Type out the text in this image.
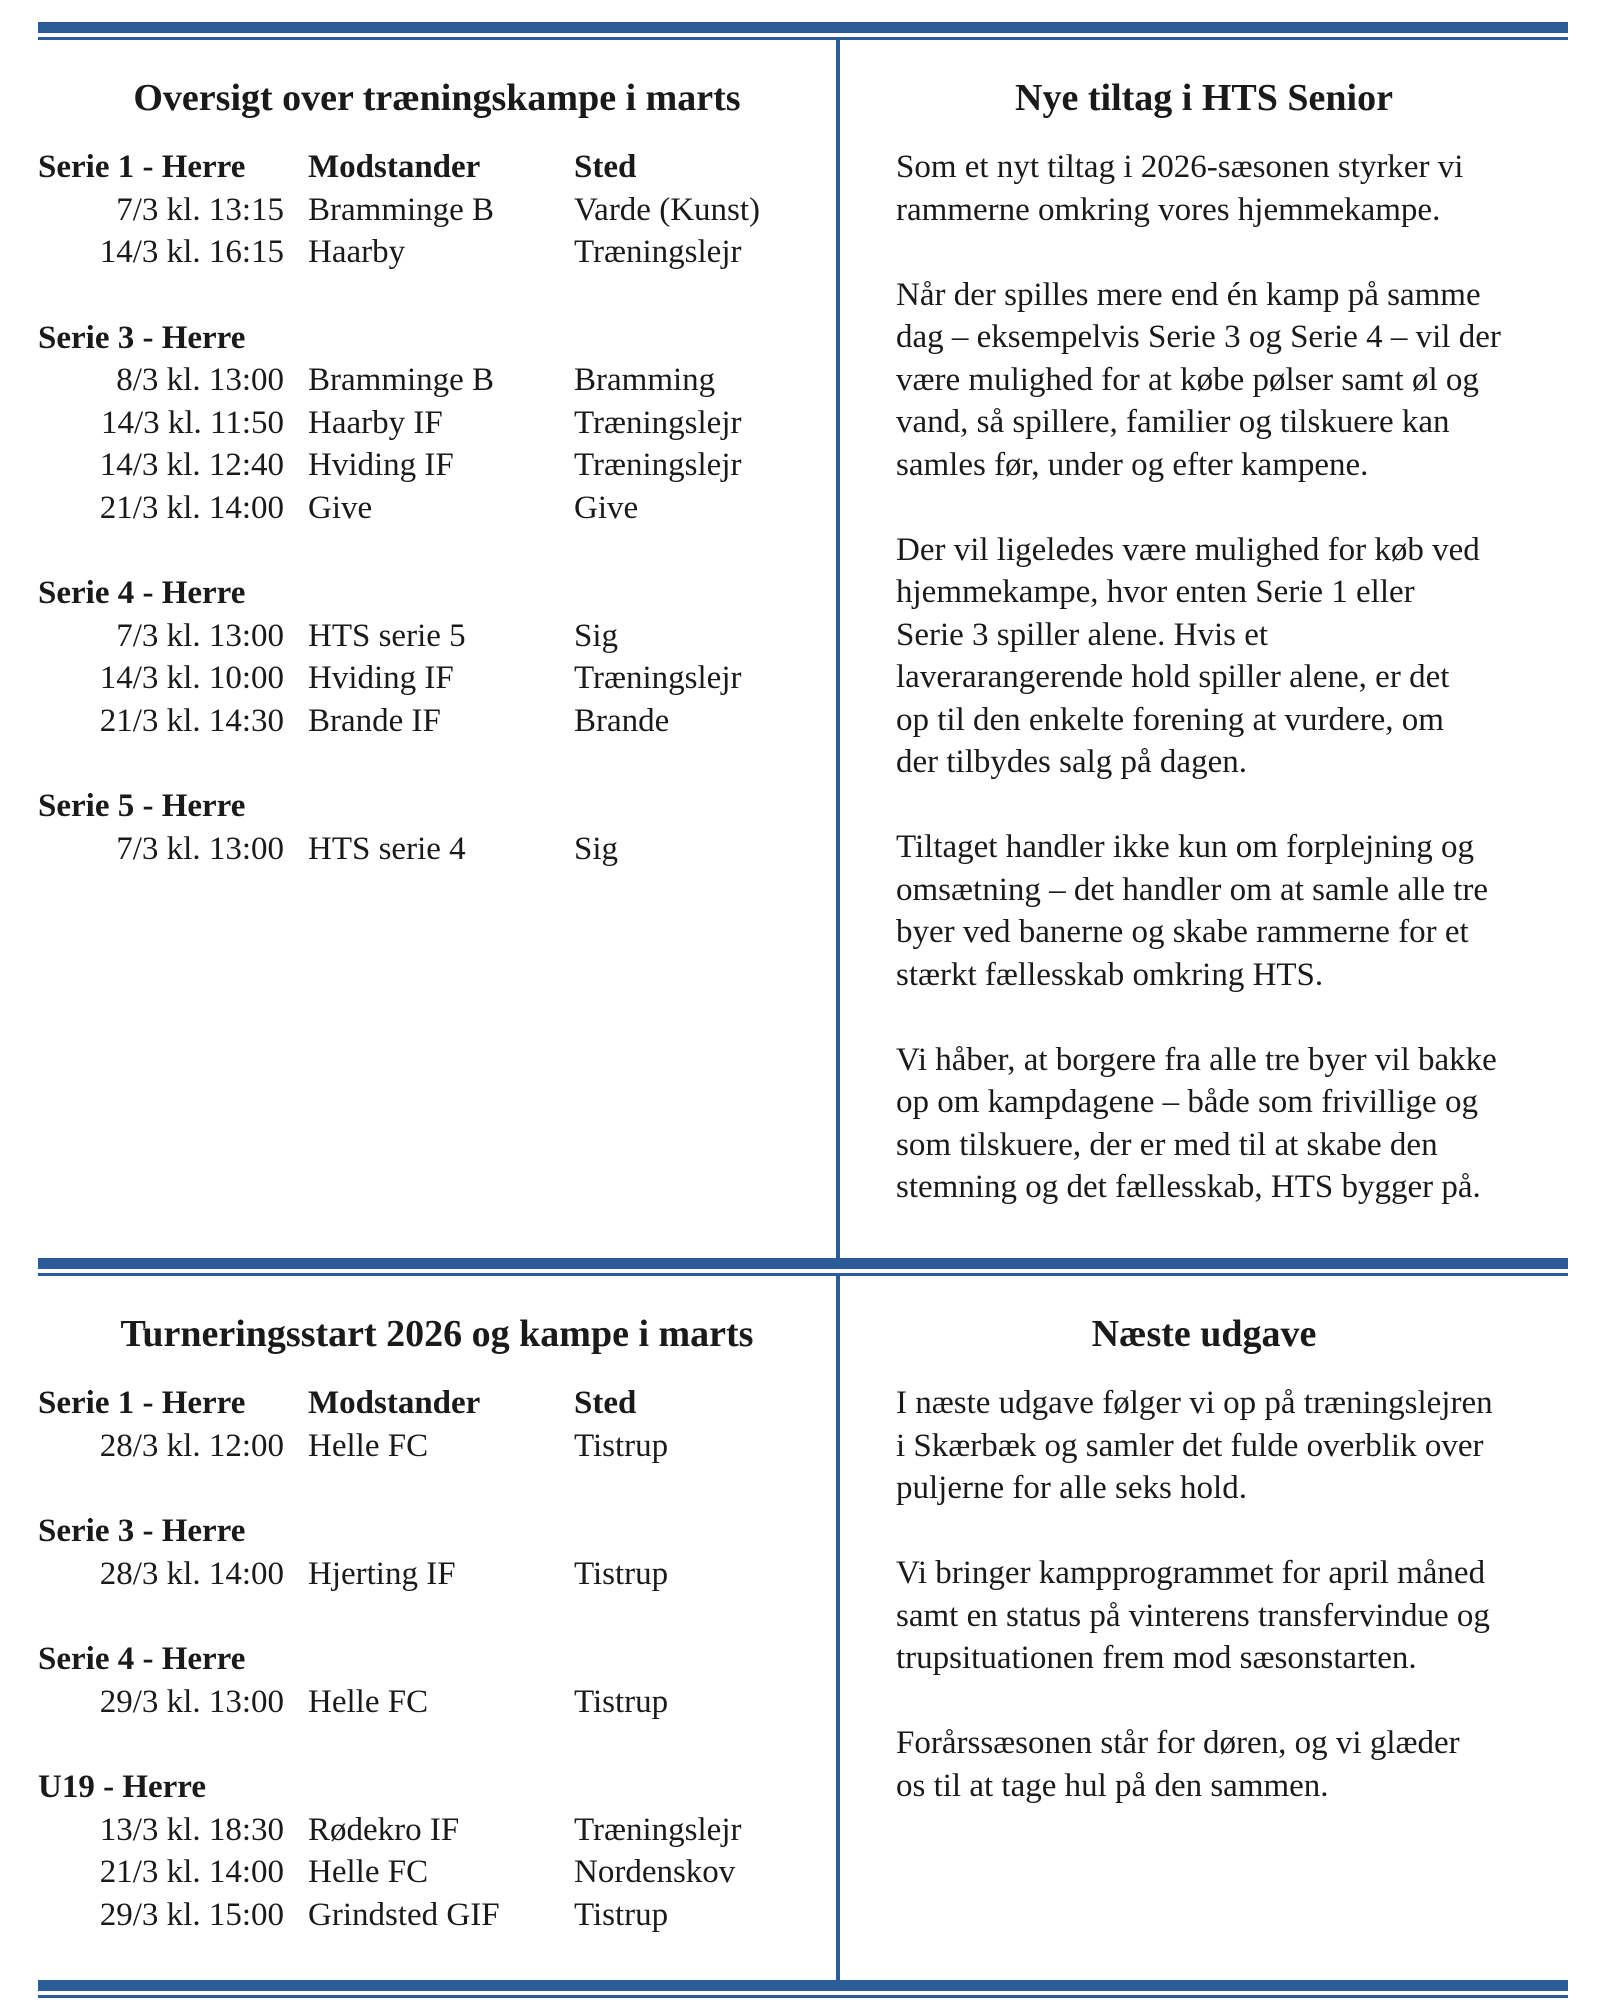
Oversigt over træningskampe i marts
Serie 1 - Herre	Modstander	Sted
7/3 kl. 13:15 Bramminge B	Varde (Kunst)
14/3 kl. 16:15 Haarby	Træningslejr
Serie 3 - Herre
8/3 kl. 13:00 Bramminge B	Bramming
14/3 kl. 11:50 Haarby IF	Træningslejr
14/3 kl. 12:40 Hviding IF	Træningslejr
21/3 kl. 14:00 Give	Give
Serie 4 - Herre
7/3 kl. 13:00 HTS serie 5	Sig
14/3 kl. 10:00 Hviding IF	Træningslejr
21/3 kl. 14:30 Brande IF	Brande
Serie 5 - Herre
7/3 kl. 13:00 HTS serie 4	Sig
Nye tiltag i HTS Senior

Som et nyt tiltag i 2026-sæsonen styrker vi
rammerne omkring vores hjemmekampe.

Når der spilles mere end én kamp på samme
dag – eksempelvis Serie 3 og Serie 4 – vil der
være mulighed for at købe pølser samt øl og
vand, så spillere, familier og tilskuere kan
samles før, under og efter kampene.

Der vil ligeledes være mulighed for køb ved
hjemmekampe, hvor enten Serie 1 eller
Serie 3 spiller alene. Hvis et
laverarangerende hold spiller alene, er det
op til den enkelte forening at vurdere, om
der tilbydes salg på dagen.

Tiltaget handler ikke kun om forplejning og
omsætning – det handler om at samle alle tre
byer ved banerne og skabe rammerne for et
stærkt fællesskab omkring HTS.

Vi håber, at borgere fra alle tre byer vil bakke
op om kampdagene – både som frivillige og
som tilskuere, der er med til at skabe den
stemning og det fællesskab, HTS bygger på.

Turneringsstart 2026 og kampe i marts
Serie 1 - Herre	Modstander	Sted
28/3 kl. 12:00 Helle FC	Tistrup
Serie 3 - Herre
28/3 kl. 14:00 Hjerting IF	Tistrup
Serie 4 - Herre
29/3 kl. 13:00 Helle FC	Tistrup
U19 - Herre
13/3 kl. 18:30 Rødekro IF	Træningslejr
21/3 kl. 14:00 Helle FC	Nordenskov
29/3 kl. 15:00 Grindsted GIF	Tistrup
Næste udgave

I næste udgave følger vi op på træningslejren
i Skærbæk og samler det fulde overblik over
puljerne for alle seks hold.

Vi bringer kampprogrammet for april måned
samt en status på vinterens transfervindue og
trupsituationen frem mod sæsonstarten.

Forårssæsonen står for døren, og vi glæder
os til at tage hul på den sammen.
